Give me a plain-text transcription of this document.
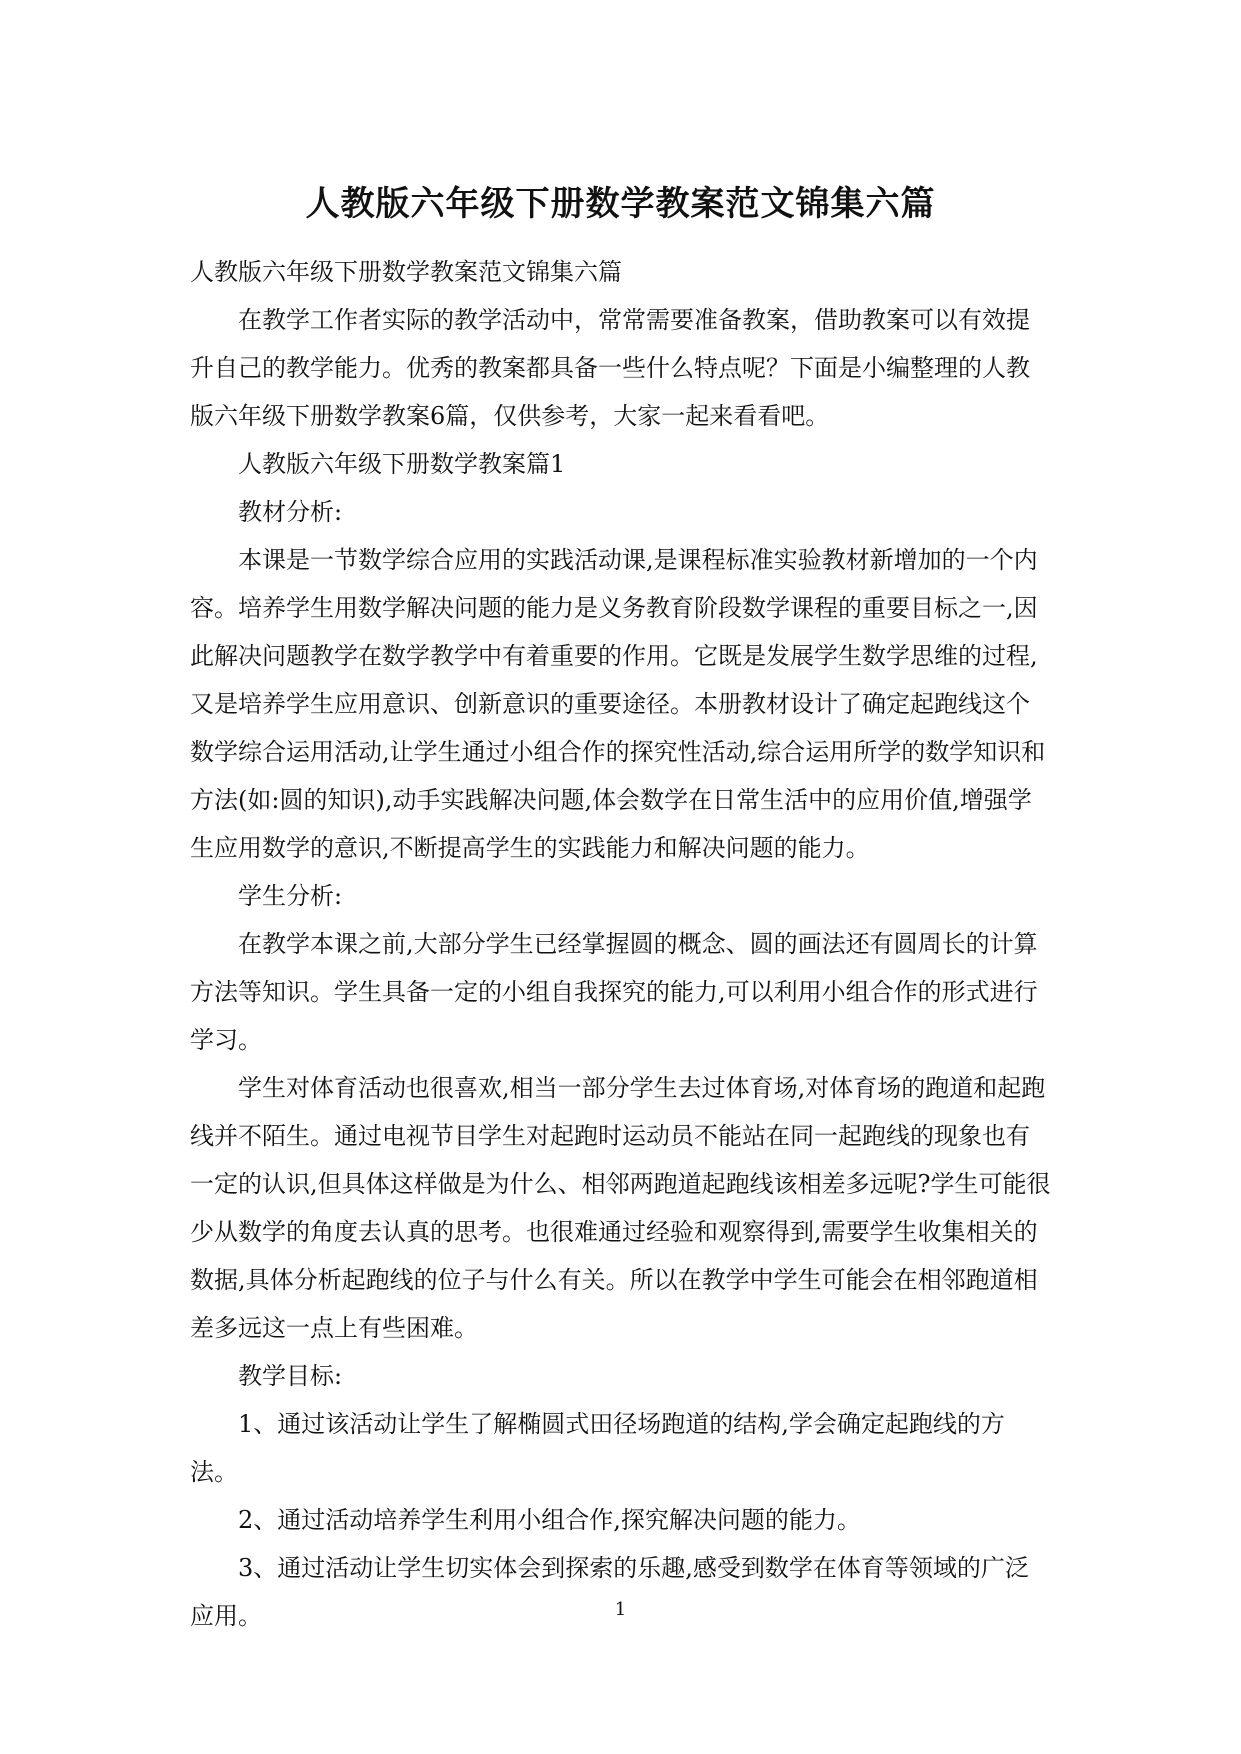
人教版六年级下册数学教案范文锦集六篇

人教版六年级下册数学教案范文锦集六篇

在教学工作者实际的教学活动中，常常需要准备教案，借助教案可以有效提升自己的教学能力。优秀的教案都具备一些什么特点呢？下面是小编整理的人教版六年级下册数学教案6篇，仅供参考，大家一起来看看吧。

人教版六年级下册数学教案篇1

教材分析:

本课是一节数学综合应用的实践活动课,是课程标准实验教材新增加的一个内容。培养学生用数学解决问题的能力是义务教育阶段数学课程的重要目标之一,因此解决问题教学在数学教学中有着重要的作用。它既是发展学生数学思维的过程,又是培养学生应用意识、创新意识的重要途径。本册教材设计了确定起跑线这个数学综合运用活动,让学生通过小组合作的探究性活动,综合运用所学的数学知识和方法(如:圆的知识),动手实践解决问题,体会数学在日常生活中的应用价值,增强学生应用数学的意识,不断提高学生的实践能力和解决问题的能力。

学生分析:

在教学本课之前,大部分学生已经掌握圆的概念、圆的画法还有圆周长的计算方法等知识。学生具备一定的小组自我探究的能力,可以利用小组合作的形式进行学习。

学生对体育活动也很喜欢,相当一部分学生去过体育场,对体育场的跑道和起跑线并不陌生。通过电视节目学生对起跑时运动员不能站在同一起跑线的现象也有一定的认识,但具体这样做是为什么、相邻两跑道起跑线该相差多远呢?学生可能很少从数学的角度去认真的思考。也很难通过经验和观察得到,需要学生收集相关的数据,具体分析起跑线的位子与什么有关。所以在教学中学生可能会在相邻跑道相差多远这一点上有些困难。

教学目标:

1、通过该活动让学生了解椭圆式田径场跑道的结构,学会确定起跑线的方法。

2、通过活动培养学生利用小组合作,探究解决问题的能力。

3、通过活动让学生切实体会到探索的乐趣,感受到数学在体育等领域的广泛应用。	1
